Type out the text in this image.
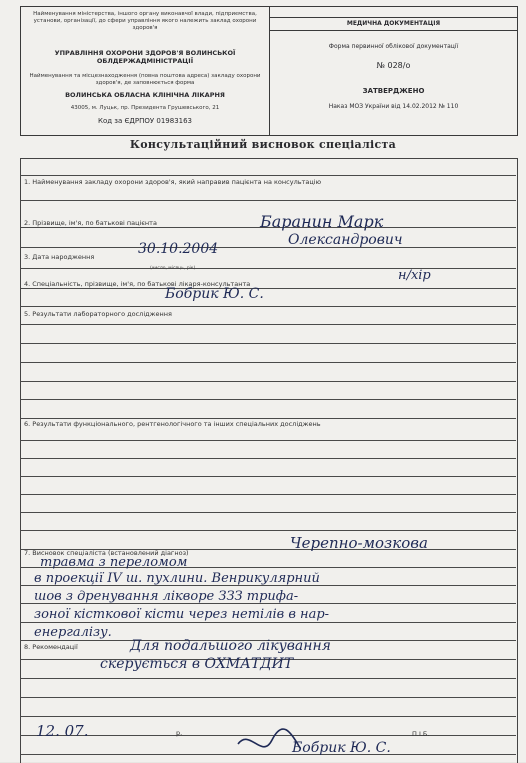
Найменування міністерства, іншого органу виконавчої влади, підприємства, установи, організації, до сфери управління якого належить заклад охорони здоров'я
УПРАВЛІННЯ ОХОРОНИ ЗДОРОВ'Я ВОЛИНСЬКОЇ ОБЛДЕРЖАДМІНІСТРАЦІЇ
Найменування та місцезнаходження (повна поштова адреса) закладу охорони здоров'я, де заповнюється форма
ВОЛИНСЬКА ОБЛАСНА КЛІНІЧНА ЛІКАРНЯ
43005, м. Луцьк, пр. Президента Грушевського, 21
Код за ЄДРПОУ 01983163
МЕДИЧНА ДОКУМЕНТАЦІЯ
Форма первинної облікової документації
№ 028/о
ЗАТВЕРДЖЕНО
Наказ МОЗ України від 14.02.2012 № 110
Консультаційний висновок спеціаліста
1. Найменування закладу охорони здоров'я, який направив пацієнта на консультацію
2. Прізвище, ім'я, по батькові пацієнта
3. Дата народження
(число, місяць, рік)
4. Спеціальність, прізвище, ім'я, по батькові лікаря-консультанта
5. Результати лабораторного дослідження
6. Результати функціонального, рентгенологічного та інших спеціальних досліджень
7. Висновок спеціаліста (встановлений діагноз)
8. Рекомендації
Баранин Марк
Олександрович
30.10.2004
н/хір
Бобрик Ю. С.
Черепно-мозкова
травма з переломом
в проекції IV ш. пухлини. Венрикулярний
шов з дренування лікворе ЗЗЗ трифа-
зоної кісткової кісти через нетілів в нар-
енергалізу.
Для подальшого лікування
скерується в ОХМАТДИТ
12. 07.	р.
Бобрик Ю. С.
П.І.Б.
